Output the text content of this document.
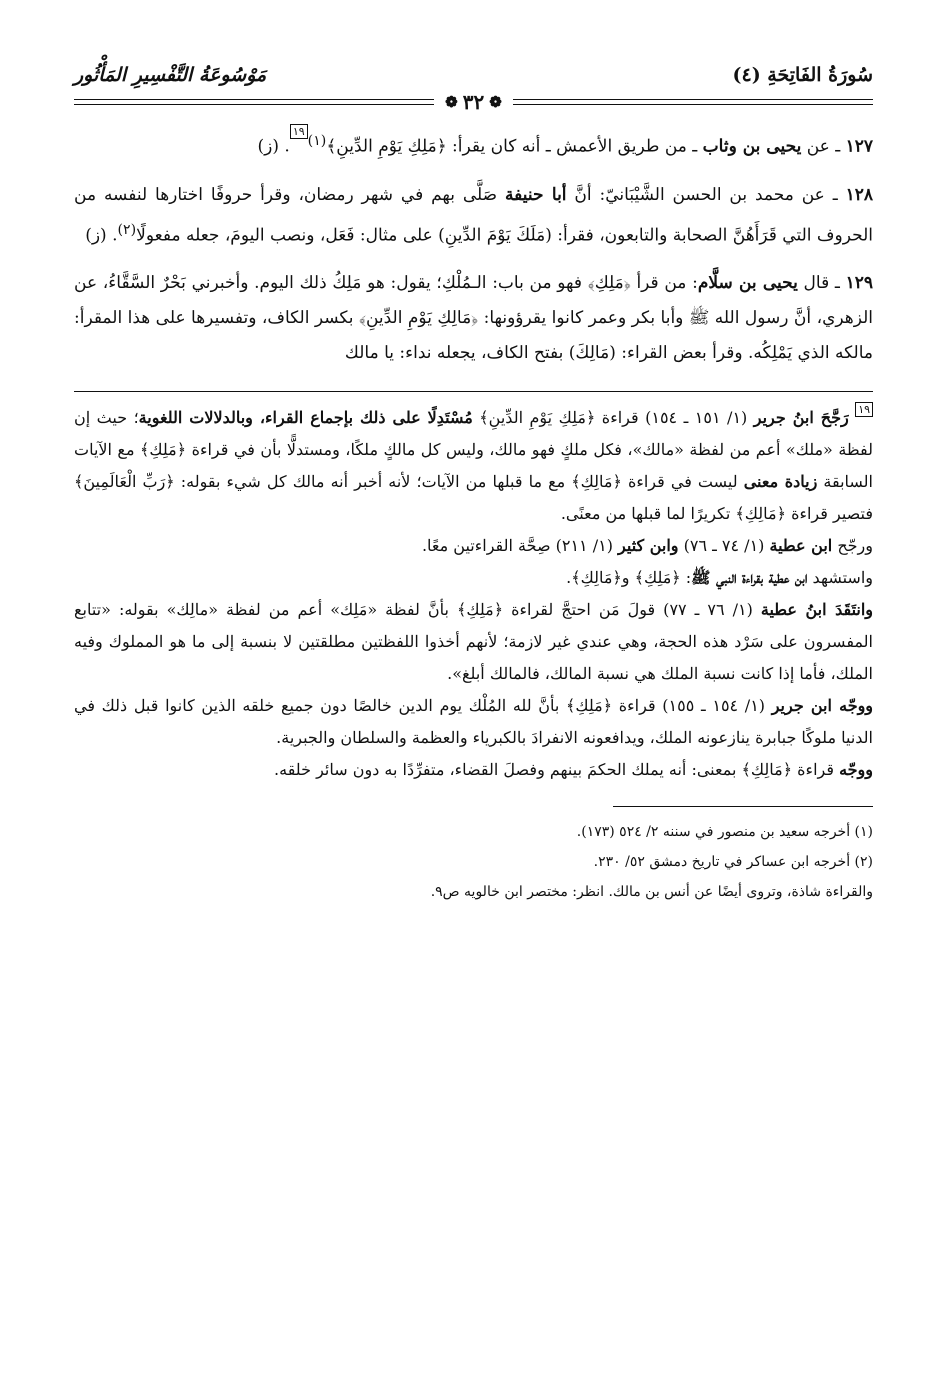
سُورَةُ الفَاتِحَةِ (٤)
مَوْسُوعَةُ التَّفْسِيرِ المَأْثُور
❁
٣٢
❁

١٢٧ ـ عن يحيى بن وثاب ـ من طريق الأعمش ـ أنه كان يقرأ: ﴿مَلِكِ يَوْمِ الدِّينِ﴾$^{(١)}$١٩. (ز)

١٢٨ ـ عن محمد بن الحسن الشَّيْبَانيّ: أنَّ أبا حنيفة صَلَّى بهم في شهر رمضان، وقرأ حروفًا اختارها لنفسه من الحروف التي قَرَأَهُنَّ الصحابة والتابعون، فقرأ: (مَلَكَ يَوْمَ الدِّينِ) على مثال: فَعَل، ونصب اليومَ، جعله مفعولًا$^{(٢)}$. (ز)

١٢٩ ـ قال يحيى بن سلَّام: من قرأ ﴿مَلِكِ﴾ فهو من باب: الـمُلْكِ؛ يقول: هو مَلِكُ ذلك اليوم. وأخبرني بَحْرٌ السَّقَّاءُ، عن الزهري، أنَّ رسول الله ﷺ وأبا بكر وعمر كانوا يقرؤونها: ﴿مَالِكِ يَوْمِ الدِّينِ﴾ بكسر الكاف، وتفسيرها على هذا المقرأ: مالكه الذي يَمْلِكُه. وقرأ بعض القراء: (مَالِكَ) بفتح الكاف، يجعله نداء: يا مالك

١٩ رَجَّحَ ابنُ جرير (١/ ١٥١ ـ ١٥٤) قراءة ﴿مَلِكِ يَوْمِ الدِّينِ﴾ مُسْتَدِلًا على ذلك بإجماع القراء، وبالدلالات اللغوية؛ حيث إن لفظة «ملك» أعم من لفظة «مالك»، فكل ملكٍ فهو مالك، وليس كل مالكٍ ملكًا، ومستدلًّا بأن في قراءة ﴿مَلِكِ﴾ مع الآيات السابقة زيادة معنى ليست في قراءة ﴿مَالِكِ﴾ مع ما قبلها من الآيات؛ لأنه أخبر أنه مالك كل شيء بقوله: ﴿رَبِّ الْعَالَمِينَ﴾ فتصير قراءة ﴿مَالِكِ﴾ تكريرًا لما قبلها من معنًى.

ورجّح ابن عطية (١/ ٧٤ ـ ٧٦) وابن كثير (١/ ٢١١) صِحَّة القراءتين معًا.

واستشهد ابن عطية بقراءة النبي ﷺ: ﴿مَلِكِ﴾ و﴿مَالِكِ﴾.

وانتَقَدَ ابنُ عطية (١/ ٧٦ ـ ٧٧) قولَ مَن احتجَّ لقراءة ﴿مَلِكِ﴾ بأنَّ لفظة «مَلِك» أعم من لفظة «مالِك» بقوله: «تتابع المفسرون على سَرْد هذه الحجة، وهي عندي غير لازمة؛ لأنهم أخذوا اللفظتين مطلقتين لا بنسبة إلى ما هو المملوك وفيه الملك، فأما إذا كانت نسبة الملك هي نسبة المالك، فالمالك أبلغ».

ووجّه ابن جرير (١/ ١٥٤ ـ ١٥٥) قراءة ﴿مَلِكِ﴾ بأنَّ لله المُلْك يوم الدين خالصًا دون جميع خلقه الذين كانوا قبل ذلك في الدنيا ملوكًا جبابرة ينازعونه الملك، ويدافعونه الانفرادَ بالكبرياء والعظمة والسلطان والجبرية.

ووجّه قراءة ﴿مَالِكِ﴾ بمعنى: أنه يملك الحكمَ بينهم وفصلَ القضاء، متفرِّدًا به دون سائر خلقه.

(١) أخرجه سعيد بن منصور في سننه ٢/ ٥٢٤ (١٧٣).

(٢) أخرجه ابن عساكر في تاريخ دمشق ٥٢/ ٢٣٠.

والقراءة شاذة، وتروى أيضًا عن أنس بن مالك. انظر: مختصر ابن خالويه ص٩.
